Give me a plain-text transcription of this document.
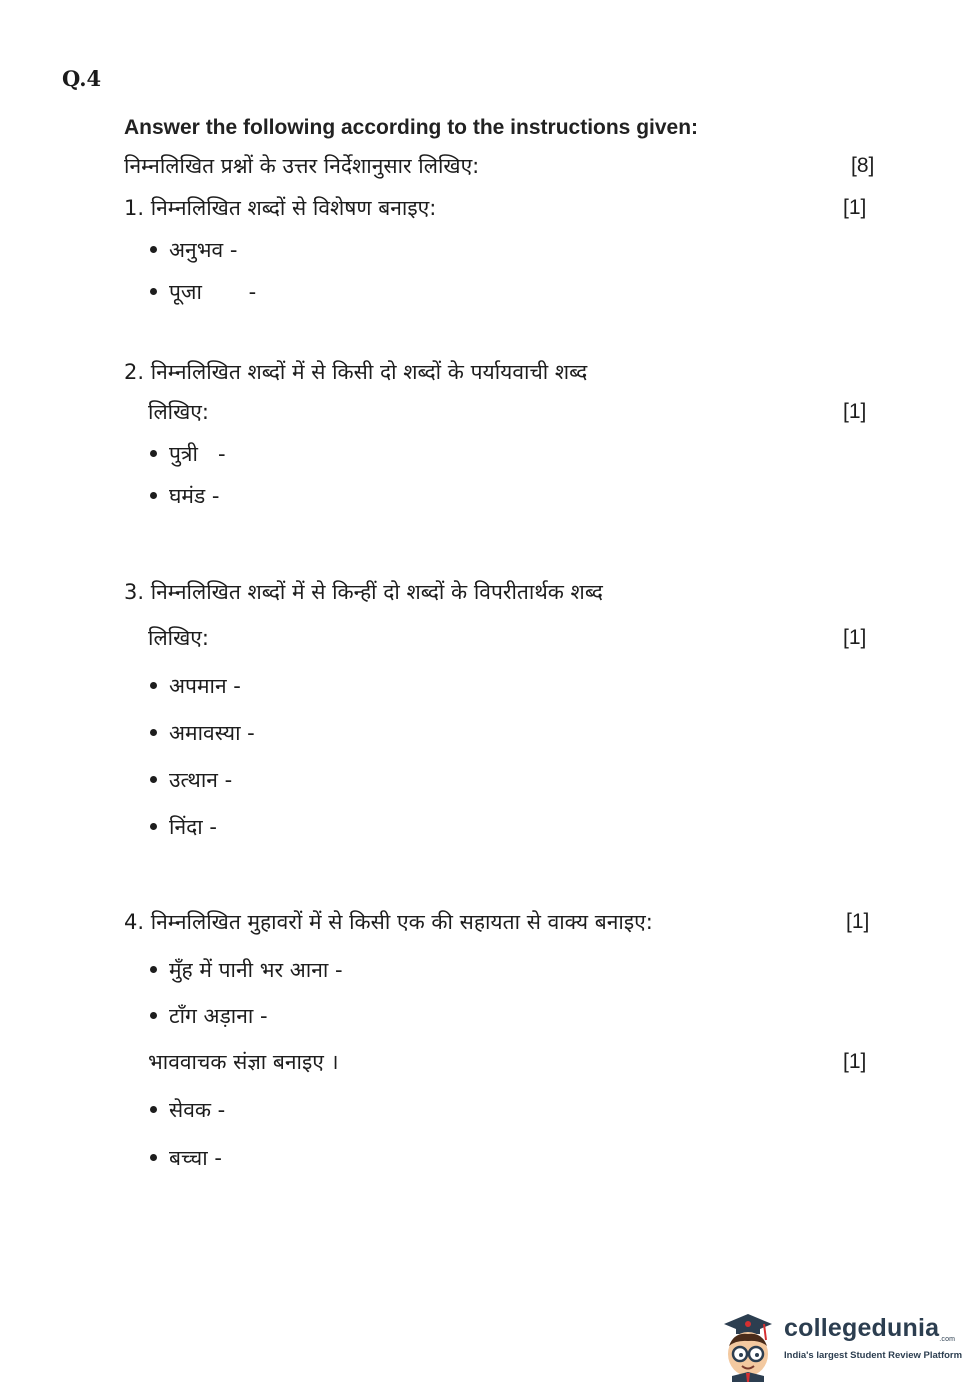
Q.4
Answer the following according to the instructions given:
निम्नलिखित प्रश्नों के उत्तर निर्देशानुसार लिखिए:	[8]
1. निम्नलिखित शब्दों से विशेषण बनाइए:	[1]
अनुभव -
पूजा       -
2. निम्नलिखित शब्दों में से किसी दो शब्दों के पर्यायवाची शब्द
लिखिए:	[1]
पुत्री   -
घमंड -
3. निम्नलिखित शब्दों में से किन्हीं दो शब्दों के विपरीतार्थक शब्द
लिखिए:	[1]
अपमान -
अमावस्या -
उत्थान -
निंदा -
4. निम्नलिखित मुहावरों में से किसी एक की सहायता से वाक्य बनाइए:	[1]
मुँह में पानी भर आना -
टाँग अड़ाना -
भाववाचक संज्ञा बनाइए ।	[1]
सेवक -
बच्चा -
collegedunia.com
India's largest Student Review Platform
